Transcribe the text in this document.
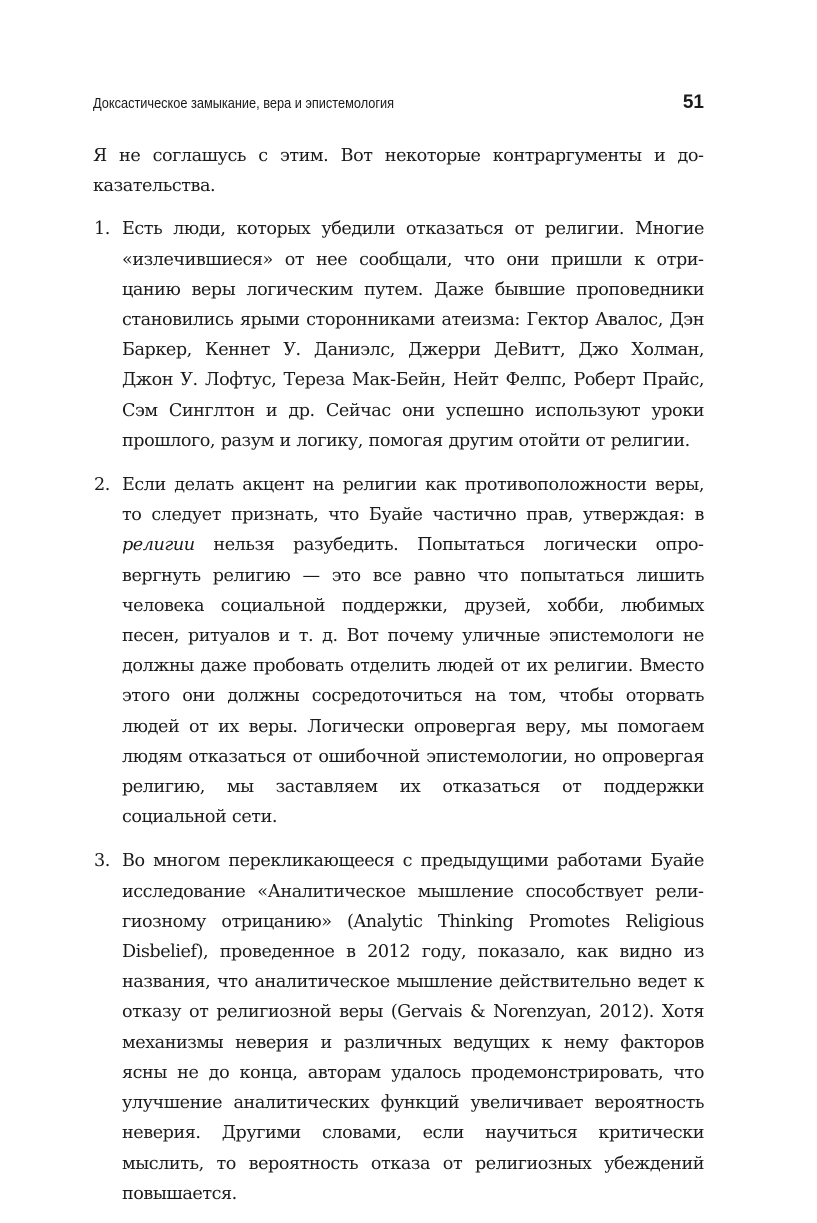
Доксастическое замыкание, вера и эпистемология	51

Я не соглашусь с этим. Вот некоторые контраргументы и доказательства.

1. Есть люди, которых убедили отказаться от религии. Многие «излечившиеся» от нее сообщали, что они пришли к отрицанию веры логическим путем. Даже бывшие проповедники становились ярыми сторонниками атеизма: Гектор Авалос, Дэн Баркер, Кеннет У. Даниэлс, Джерри ДеВитт, Джо Холман, Джон У. Лофтус, Тереза Мак-Бейн, Нейт Фелпс, Роберт Прайс, Сэм Синглтон и др. Сейчас они успешно используют уроки прошлого, разум и логику, помогая другим отойти от религии.
2. Если делать акцент на религии как противоположности веры, то следует признать, что Буайе частично прав, утверждая: в религии нельзя разубедить. Попытаться логически опровергнуть религию — это все равно что попытаться лишить человека социальной поддержки, друзей, хобби, любимых песен, ритуалов и т. д. Вот почему уличные эпистемологи не должны даже пробовать отделить людей от их религии. Вместо этого они должны сосредоточиться на том, чтобы оторвать людей от их веры. Логически опровергая веру, мы помогаем людям отказаться от ошибочной эпистемологии, но опровергая религию, мы заставляем их отказаться от поддержки социальной сети.
3. Во многом перекликающееся с предыдущими работами Буайе исследование «Аналитическое мышление способствует религиозному отрицанию» (Analytic Thinking Promotes Religious Disbelief), проведенное в 2012 году, показало, как видно из названия, что аналитическое мышление действительно ведет к отказу от религиозной веры (Gervais & Norenzyan, 2012). Хотя механизмы неверия и различных ведущих к нему факторов ясны не до конца, авторам удалось продемонстрировать, что улучшение аналитических функций увеличивает вероятность неверия. Другими словами, если научиться критически мыслить, то вероятность отказа от религиозных убеждений повышается.
